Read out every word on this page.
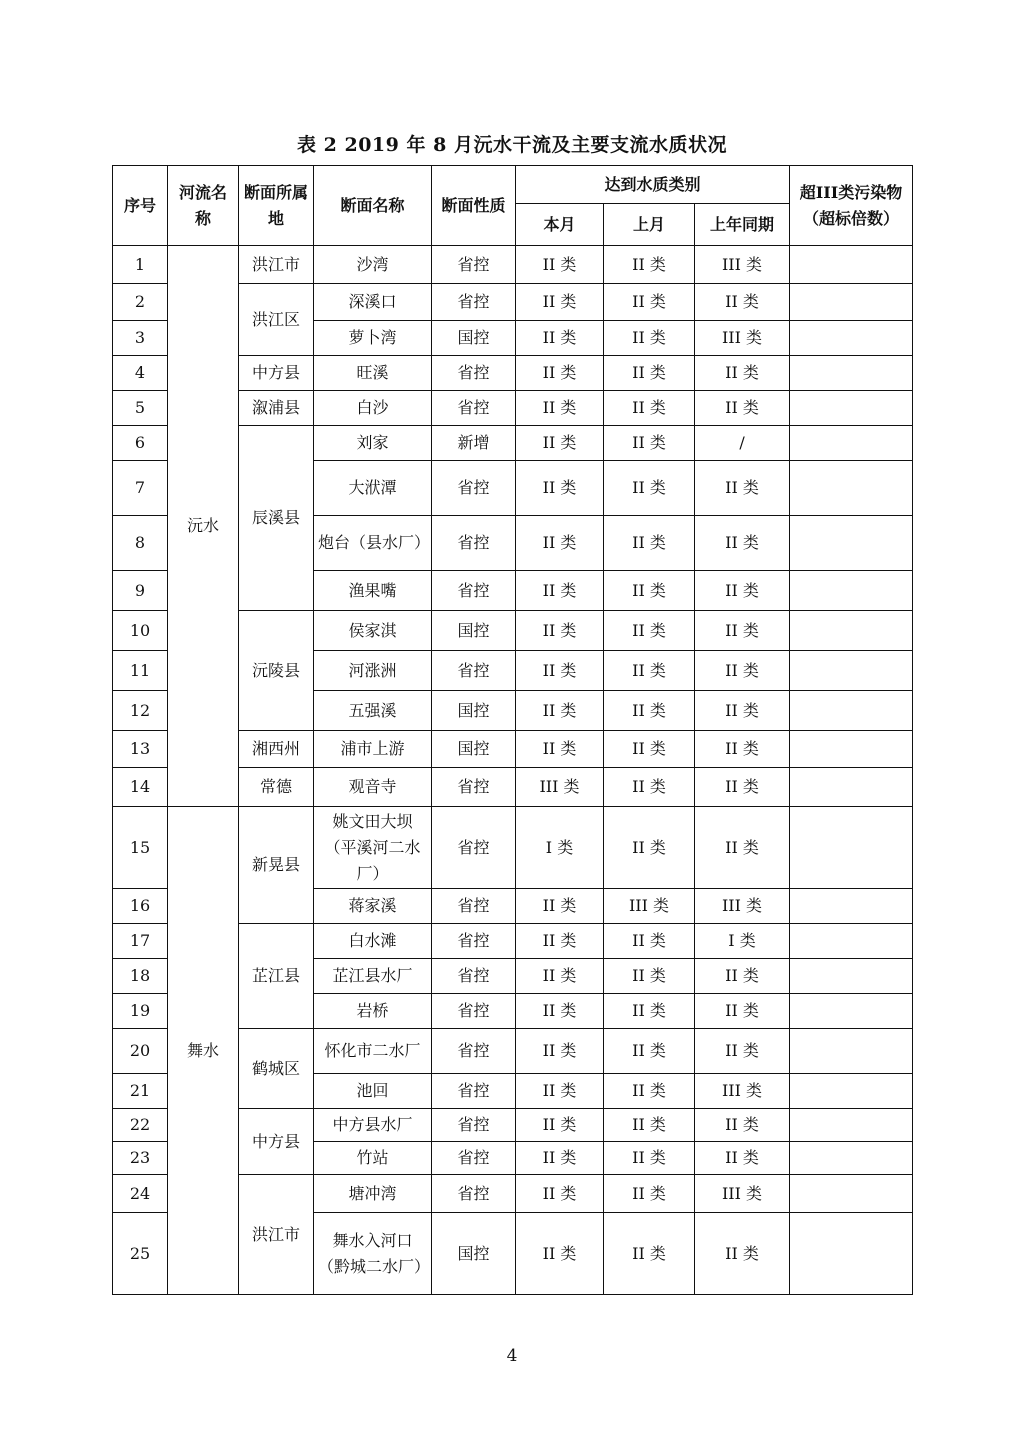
表 2 2019 年 8 月沅水干流及主要支流水质状况
序号	河流名称	断面所属地	断面名称	断面性质	达到水质类别			超III类污染物（超标倍数）
					本月	上月	上年同期	
1	沅水	洪江市	沙湾	省控	II 类	II 类	III 类	
2		洪江区	深溪口	省控	II 类	II 类	II 类	
3			萝卜湾	国控	II 类	II 类	III 类	
4		中方县	旺溪	省控	II 类	II 类	II 类	
5		溆浦县	白沙	省控	II 类	II 类	II 类	
6		辰溪县	刘家	新增	II 类	II 类	/	
7			大洑潭	省控	II 类	II 类	II 类	
8			炮台（县水厂）	省控	II 类	II 类	II 类	
9			渔果嘴	省控	II 类	II 类	II 类	
10		沅陵县	侯家淇	国控	II 类	II 类	II 类	
11			河涨洲	省控	II 类	II 类	II 类	
12			五强溪	国控	II 类	II 类	II 类	
13		湘西州	浦市上游	国控	II 类	II 类	II 类	
14		常德	观音寺	省控	III 类	II 类	II 类	
15	舞水	新晃县	姚文田大坝（平溪河二水厂）	省控	I 类	II 类	II 类	
16			蒋家溪	省控	II 类	III 类	III 类	
17		芷江县	白水滩	省控	II 类	II 类	I 类	
18			芷江县水厂	省控	II 类	II 类	II 类	
19			岩桥	省控	II 类	II 类	II 类	
20		鹤城区	怀化市二水厂	省控	II 类	II 类	II 类	
21			池回	省控	II 类	II 类	III 类	
22		中方县	中方县水厂	省控	II 类	II 类	II 类	
23			竹站	省控	II 类	II 类	II 类	
24		洪江市	塘冲湾	省控	II 类	II 类	III 类	
25			舞水入河口（黔城二水厂）	国控	II 类	II 类	II 类	
4
